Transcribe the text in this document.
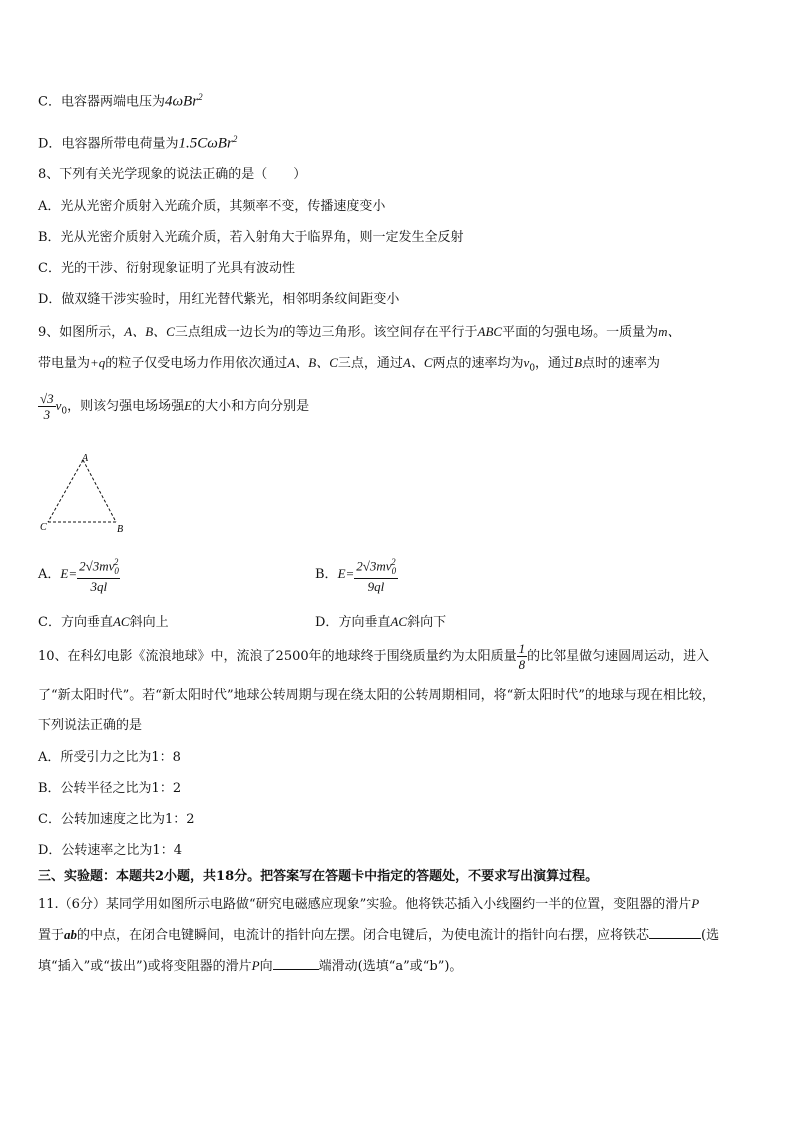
C．电容器两端电压为4ωBr$^2$
D．电容器所带电荷量为1.5CωBr$^2$
8、下列有关光学现象的说法正确的是（　　）
A．光从光密介质射入光疏介质，其频率不变，传播速度变小
B．光从光密介质射入光疏介质，若入射角大于临界角，则一定发生全反射
C．光的干涉、衍射现象证明了光具有波动性
D．做双缝干涉实验时，用红光替代紫光，相邻明条纹间距变小
9、如图所示，A、B、C三点组成一边长为l的等边三角形。该空间存在平行于ABC平面的匀强电场。一质量为m、
带电量为+q的粒子仅受电场力作用依次通过A、B、C三点，通过A、C两点的速率均为$v_0$，通过B点时的速率为
$\frac{√3}{3} v_0$，则该匀强电场场强E的大小和方向分别是
A
C	B
A．$E= \frac{2√3mv_0^2}{3ql}$	B．$E= \frac{2√3mv_0^2}{9ql}$
C．方向垂直AC斜向上	D．方向垂直AC斜向下
10、在科幻电影《流浪地球》中，流浪了2500年的地球终于围绕质量约为太阳质量 $\frac{1}{8}$ 的比邻星做匀速圆周运动，进入
了“新太阳时代”。若“新太阳时代”地球公转周期与现在绕太阳的公转周期相同，将“新太阳时代”的地球与现在相比较，
下列说法正确的是
A．所受引力之比为1：8
B．公转半径之比为1：2
C．公转加速度之比为1：2
D．公转速率之比为1：4
三、实验题：本题共2小题，共18分。把答案写在答题卡中指定的答题处，不要求写出演算过程。
11.（6分）某同学用如图所示电路做“研究电磁感应现象”实验。他将铁芯插入小线圈约一半的位置，变阻器的滑片P
置于ab的中点，在闭合电键瞬间，电流计的指针向左摆。闭合电键后，为使电流计的指针向右摆，应将铁芯	(选
填“插入”或“拔出”)或将变阻器的滑片P向	端滑动(选填“a”或“b”)。
